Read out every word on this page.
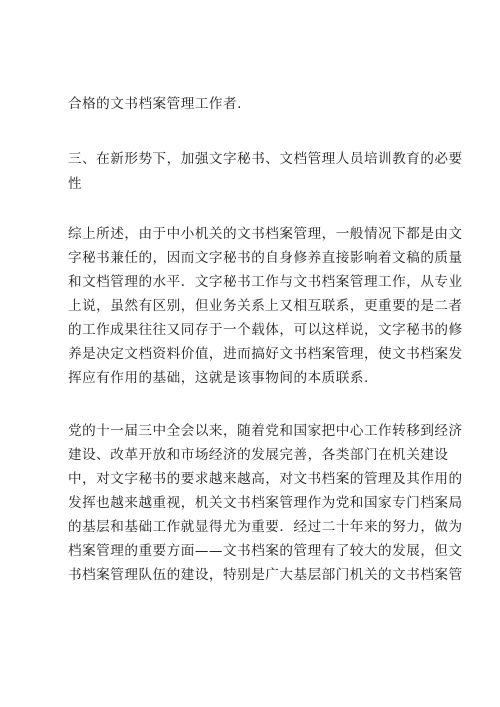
合格的文书档案管理工作者.
三、在新形势下，加强文字秘书、文档管理人员培训教育的必要
性
综上所述，由于中小机关的文书档案管理，一般情况下都是由文
字秘书兼任的，因而文字秘书的自身修养直接影响着文稿的质量
和文档管理的水平．文字秘书工作与文书档案管理工作，从专业
上说，虽然有区别，但业务关系上又相互联系，更重要的是二者
的工作成果往往又同存于一个载体，可以这样说，文字秘书的修
养是决定文档资料价值，进而搞好文书档案管理，使文书档案发
挥应有作用的基础，这就是该事物间的本质联系.
党的十一届三中全会以来，随着党和国家把中心工作转移到经济
建设、改革开放和市场经济的发展完善，各类部门在机关建设
中，对文字秘书的要求越来越高，对文书档案的管理及其作用的
发挥也越来越重视，机关文书档案管理作为党和国家专门档案局
的基层和基础工作就显得尤为重要．经过二十年来的努力，做为
档案管理的重要方面——文书档案的管理有了较大的发展，但文
书档案管理队伍的建设，特别是广大基层部门机关的文书档案管
